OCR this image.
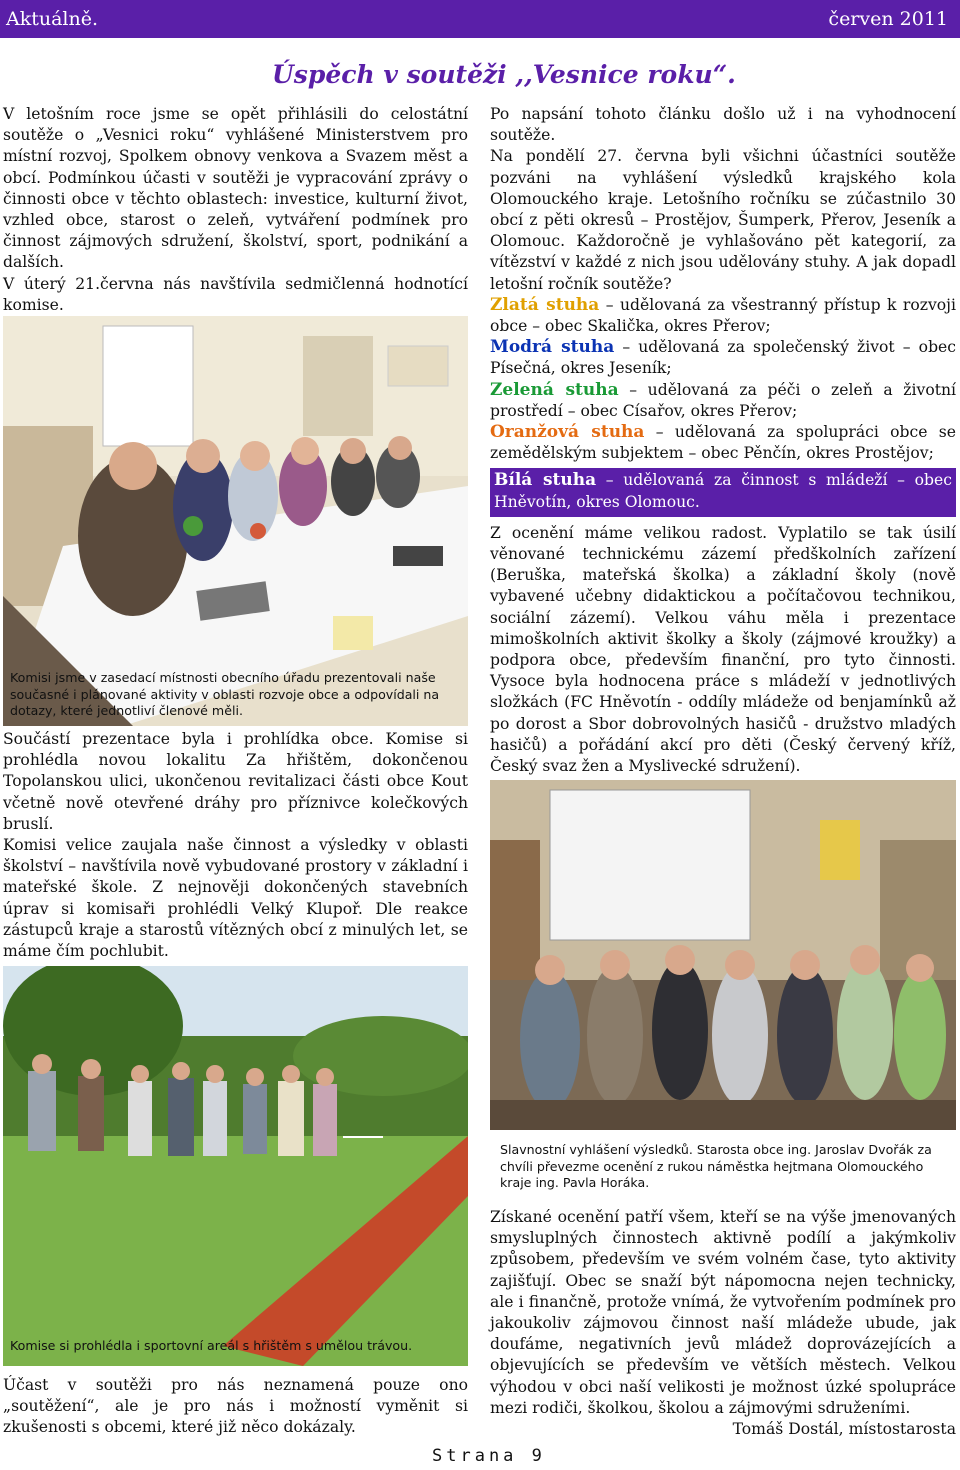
Aktuálně.	červen 2011
Úspěch v soutěži ,,Vesnice roku“.

V letošním roce jsme se opět přihlásili do celostátní soutěže o „Vesnici roku“ vyhlášené Ministerstvem pro místní rozvoj, Spolkem obnovy venkova a Svazem měst a obcí. Podmínkou účasti v soutěži je vypracování zprávy o činnosti obce v těchto oblastech: investice, kulturní život, vzhled obce, starost o zeleň, vytváření podmínek pro činnost zájmových sdružení, školství, sport, podnikání a dalších.

V úterý 21.června nás navštívila sedmičlenná hodnotící komise.

Komisi jsme v zasedací místnosti obecního úřadu prezentovali naše současné i plánované aktivity v oblasti rozvoje obce a odpovídali na dotazy, které jednotliví členové měli.

Součástí prezentace byla i prohlídka obce. Komise si prohlédla novou lokalitu Za hřištěm, dokončenou Topolanskou ulici, ukončenou revitalizaci části obce Kout včetně nově otevřené dráhy pro příznivce kolečkových bruslí.

Komisi velice zaujala naše činnost a výsledky v oblasti školství – navštívila nově vybudované prostory v základní i mateřské škole. Z nejnověji dokončených stavebních úprav si komisaři prohlédli Velký Klupoř. Dle reakce zástupců kraje a starostů vítězných obcí z minulých let, se máme čím pochlubit.

Komise si prohlédla i sportovní areál s hřištěm s umělou trávou.

Účast v soutěži pro nás neznamená pouze ono „soutěžení“, ale je pro nás i možností vyměnit si zkušenosti s obcemi, které již něco dokázaly.

Po napsání tohoto článku došlo už i na vyhodnocení soutěže.

Na pondělí 27. června byli všichni účastníci soutěže pozváni na vyhlášení výsledků krajského kola Olomouckého kraje. Letošního ročníku se zúčastnilo 30 obcí z pěti okresů – Prostějov, Šumperk, Přerov, Jeseník a Olomouc. Každoročně je vyhlašováno pět kategorií, za vítězství v každé z nich jsou udělovány stuhy. A jak dopadl letošní ročník soutěže?

Zlatá stuha – udělovaná za všestranný přístup k rozvoji obce – obec Skalička, okres Přerov;

Modrá stuha – udělovaná za společenský život – obec Písečná, okres Jeseník;

Zelená stuha – udělovaná za péči o zeleň a životní prostředí – obec Císařov, okres Přerov;

Oranžová stuha – udělovaná za spolupráci obce se zemědělským subjektem – obec Pěnčín, okres Prostějov;

Bílá stuha – udělovaná za činnost s mládeží – obec Hněvotín, okres Olomouc.

Z ocenění máme velikou radost. Vyplatilo se tak úsilí věnované technickému zázemí předškolních zařízení (Beruška, mateřská školka) a základní školy (nově vybavené učebny didaktickou a počítačovou technikou, sociální zázemí). Velkou váhu měla i prezentace mimoškolních aktivit školky a školy (zájmové kroužky) a podpora obce, především finanční, pro tyto činnosti. Vysoce byla hodnocena práce s mládeží v jednotlivých složkách (FC Hněvotín - oddíly mládeže od benjamínků až po dorost a Sbor dobrovolných hasičů - družstvo mladých hasičů) a pořádání akcí pro děti (Český červený kříž, Český svaz žen a Myslivecké sdružení).

Slavnostní vyhlášení výsledků. Starosta obce ing. Jaroslav Dvořák za chvíli převezme ocenění z rukou náměstka hejtmana Olomouckého kraje ing. Pavla Horáka.

Získané ocenění patří všem, kteří se na výše jmenovaných smysluplných činnostech aktivně podílí a jakýmkoliv způsobem, především ve svém volném čase, tyto aktivity zajišťují. Obec se snaží být nápomocna nejen technicky, ale i finančně, protože vnímá, že vytvořením podmínek pro jakoukoliv zájmovou činnost naší mládeže ubude, jak doufáme, negativních jevů mládež doprovázejících a objevujících se především ve větších městech. Velkou výhodou v obci naší velikosti je možnost úzké spolupráce mezi rodiči, školkou, školou a zájmovými sdruženími.

Tomáš Dostál, místostarosta

Strana 9
